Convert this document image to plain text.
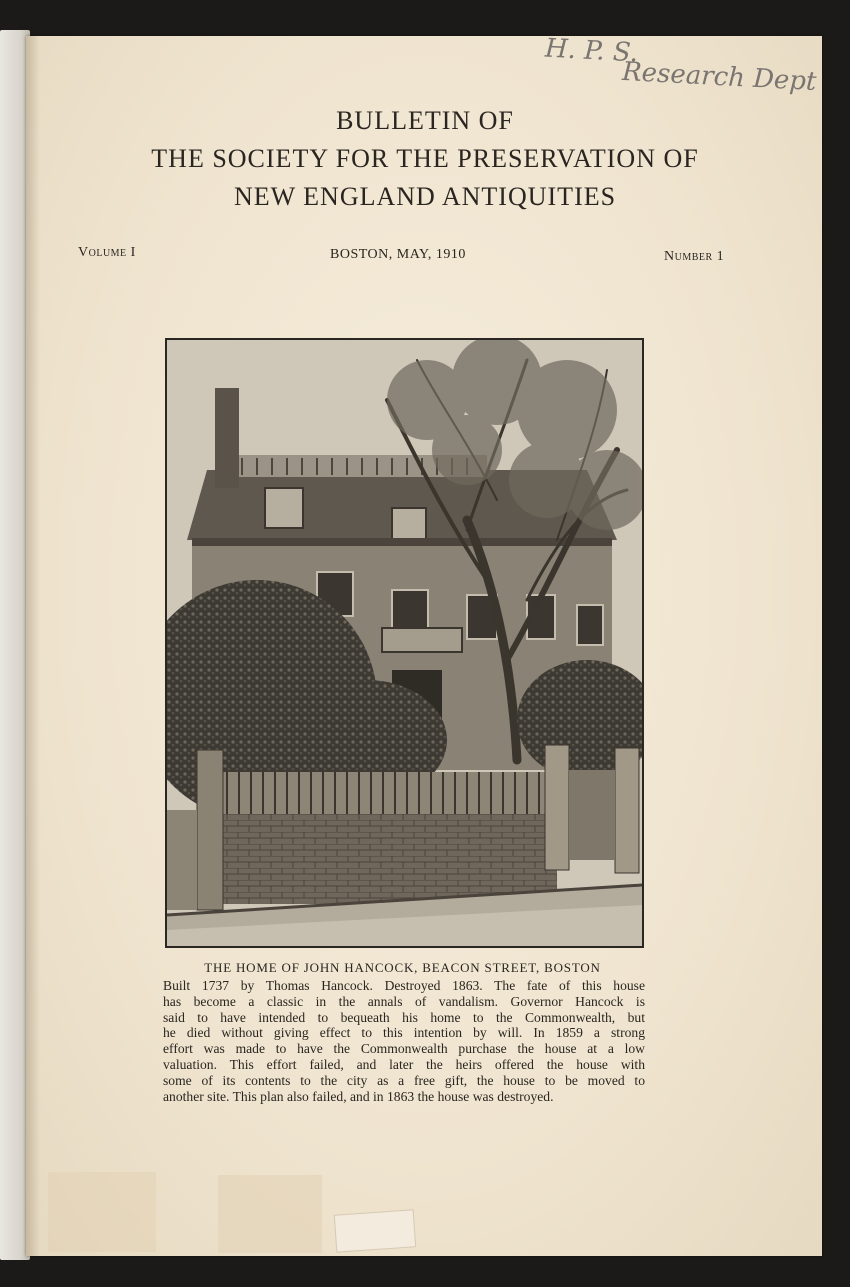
H. P. S.
Research Dept
BULLETIN OF
THE SOCIETY FOR THE PRESERVATION OF
NEW ENGLAND ANTIQUITIES
Volume I	BOSTON, MAY, 1910	Number 1
THE HOME OF JOHN HANCOCK, BEACON STREET, BOSTON
Built 1737 by Thomas Hancock. Destroyed 1863. The fate of this house
has become a classic in the annals of vandalism. Governor Hancock is
said to have intended to bequeath his home to the Commonwealth, but
he died without giving effect to this intention by will. In 1859 a strong
effort was made to have the Commonwealth purchase the house at a low
valuation. This effort failed, and later the heirs offered the house with
some of its contents to the city as a free gift, the house to be moved to
another site. This plan also failed, and in 1863 the house was destroyed.
